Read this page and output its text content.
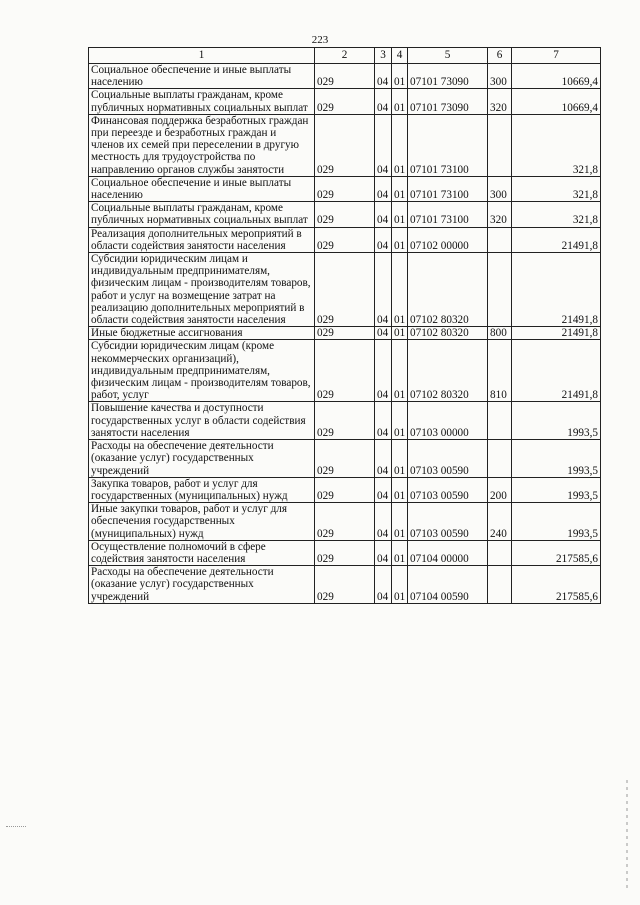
223
1	2	3	4	5	6	7
Социальное обеспечение и иные выплаты населению	029	04	01	07101 73090	300	10669,4
Социальные выплаты гражданам, кроме публичных нормативных социальных выплат	029	04	01	07101 73090	320	10669,4
Финансовая поддержка безработных граждан при переезде и безработных граждан и членов их семей при переселении в другую местность для трудоустройства по направлению органов службы занятости	029	04	01	07101 73100		321,8
Социальное обеспечение и иные выплаты населению	029	04	01	07101 73100	300	321,8
Социальные выплаты гражданам, кроме публичных нормативных социальных выплат	029	04	01	07101 73100	320	321,8
Реализация дополнительных мероприятий в области содействия занятости населения	029	04	01	07102 00000		21491,8
Субсидии юридическим лицам и индивидуальным предпринимателям, физическим лицам - производителям товаров, работ и услуг на возмещение затрат на реализацию дополнительных мероприятий в области содействия занятости населения	029	04	01	07102 80320		21491,8
Иные бюджетные ассигнования	029	04	01	07102 80320	800	21491,8
Субсидии юридическим лицам (кроме некоммерческих организаций), индивидуальным предпринимателям, физическим лицам - производителям товаров, работ, услуг	029	04	01	07102 80320	810	21491,8
Повышение качества и доступности государственных услуг в области содействия занятости населения	029	04	01	07103 00000		1993,5
Расходы на обеспечение деятельности (оказание услуг) государственных учреждений	029	04	01	07103 00590		1993,5
Закупка товаров, работ и услуг для государственных (муниципальных) нужд	029	04	01	07103 00590	200	1993,5
Иные закупки товаров, работ и услуг для обеспечения государственных (муниципальных) нужд	029	04	01	07103 00590	240	1993,5
Осуществление полномочий в сфере содействия занятости населения	029	04	01	07104 00000		217585,6
Расходы на обеспечение деятельности (оказание услуг) государственных учреждений	029	04	01	07104 00590		217585,6
